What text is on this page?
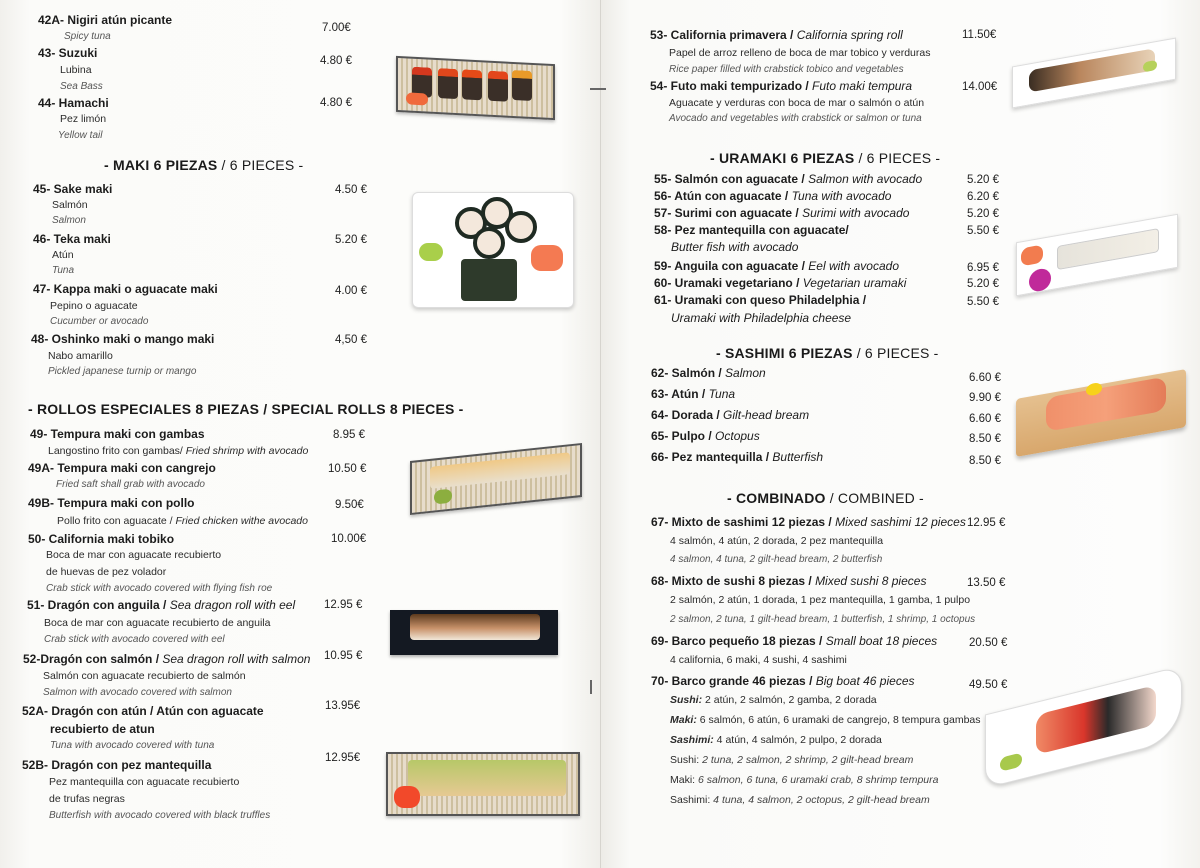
42A- Nigiri atún picante
Spicy tuna
7.00€
43- Suzuki
Lubina
Sea Bass
4.80 €
44- Hamachi
Pez limón
Yellow tail
4.80 €
- MAKI 6 PIEZAS / 6 PIECES -
45- Sake maki
Salmón
Salmon
4.50 €
46- Teka maki
Atún
Tuna
5.20 €
47- Kappa maki o aguacate maki
Pepino o aguacate
Cucumber or avocado
4.00 €
48- Oshinko maki o mango maki
Nabo amarillo
Pickled japanese turnip or mango
4,50 €
- ROLLOS ESPECIALES 8 PIEZAS / SPECIAL ROLLS 8 PIECES -
49- Tempura maki con gambas
Langostino frito con gambas/ Fried shrimp with avocado
8.95 €
49A- Tempura maki con cangrejo
Fried saft shall grab with avocado
10.50 €
49B- Tempura maki con pollo
Pollo frito con aguacate / Fried chicken withe avocado
9.50€
50- California maki tobiko
Boca de mar con aguacate recubierto
de huevas de pez volador
Crab stick with avocado covered with flying fish roe
10.00€
51- Dragón con anguila / Sea dragon roll with eel
Boca de mar con aguacate recubierto de anguila
Crab stick with avocado covered with eel
12.95 €
52-Dragón con salmón / Sea dragon roll with salmon
Salmón con aguacate recubierto de salmón
Salmon with avocado covered with salmon
10.95 €
52A- Dragón con atún / Atún con aguacate
recubierto de atun
Tuna with avocado covered with tuna
13.95€
52B- Dragón con pez mantequilla
Pez mantequilla con aguacate recubierto
de trufas negras
Butterfish with avocado covered with black truffles
12.95€
53- California primavera / California spring roll
Papel de arroz relleno de boca de mar tobico y verduras
Rice paper filled with crabstick tobico and vegetables
11.50€
54- Futo maki tempurizado / Futo maki tempura
Aguacate y verduras con boca de mar o salmón o atún
Avocado and vegetables with crabstick or salmon or tuna
14.00€
- URAMAKI 6 PIEZAS / 6 PIECES -
55- Salmón con aguacate / Salmon with avocado	5.20 €
56- Atún con aguacate / Tuna with avocado	6.20 €
57- Surimi con aguacate / Surimi with avocado	5.20 €
58- Pez mantequilla con aguacate/
Butter fish with avocado
5.50 €
59- Anguila con aguacate / Eel with avocado	6.95 €
60- Uramaki vegetariano / Vegetarian uramaki	5.20 €
61- Uramaki con queso Philadelphia /
Uramaki with Philadelphia cheese
5.50 €
- SASHIMI 6 PIEZAS / 6 PIECES -
62- Salmón / Salmon	6.60 €
63- Atún / Tuna	9.90 €
64- Dorada / Gilt-head bream	6.60 €
65- Pulpo / Octopus	8.50 €
66- Pez mantequilla / Butterfish	8.50 €
- COMBINADO / COMBINED -
67- Mixto de sashimi 12 piezas / Mixed sashimi 12 pieces
4 salmón, 4 atún, 2 dorada, 2 pez mantequilla
4 salmon, 4 tuna, 2 gilt-head bream, 2 butterfish
12.95 €
68- Mixto de sushi 8 piezas / Mixed sushi 8 pieces
2 salmón, 2 atún, 1 dorada, 1 pez mantequilla, 1 gamba, 1 pulpo
2 salmon, 2 tuna, 1 gilt-head bream, 1 butterfish, 1 shrimp, 1 octopus
13.50 €
69- Barco pequeño 18 piezas / Small boat 18 pieces
4 california, 6 maki, 4 sushi, 4 sashimi
20.50 €
70- Barco grande 46 piezas / Big boat 46 pieces	49.50 €
Sushi: 2 atún, 2 salmón, 2 gamba, 2 dorada
Maki: 6 salmón, 6 atún, 6 uramaki de cangrejo, 8 tempura gambas
Sashimi: 4 atún, 4 salmón, 2 pulpo, 2 dorada
Sushi: 2 tuna, 2 salmon, 2 shrimp, 2 gilt-head bream
Maki: 6 salmon, 6 tuna, 6 uramaki crab, 8 shrimp tempura
Sashimi: 4 tuna, 4 salmon, 2 octopus, 2 gilt-head bream
